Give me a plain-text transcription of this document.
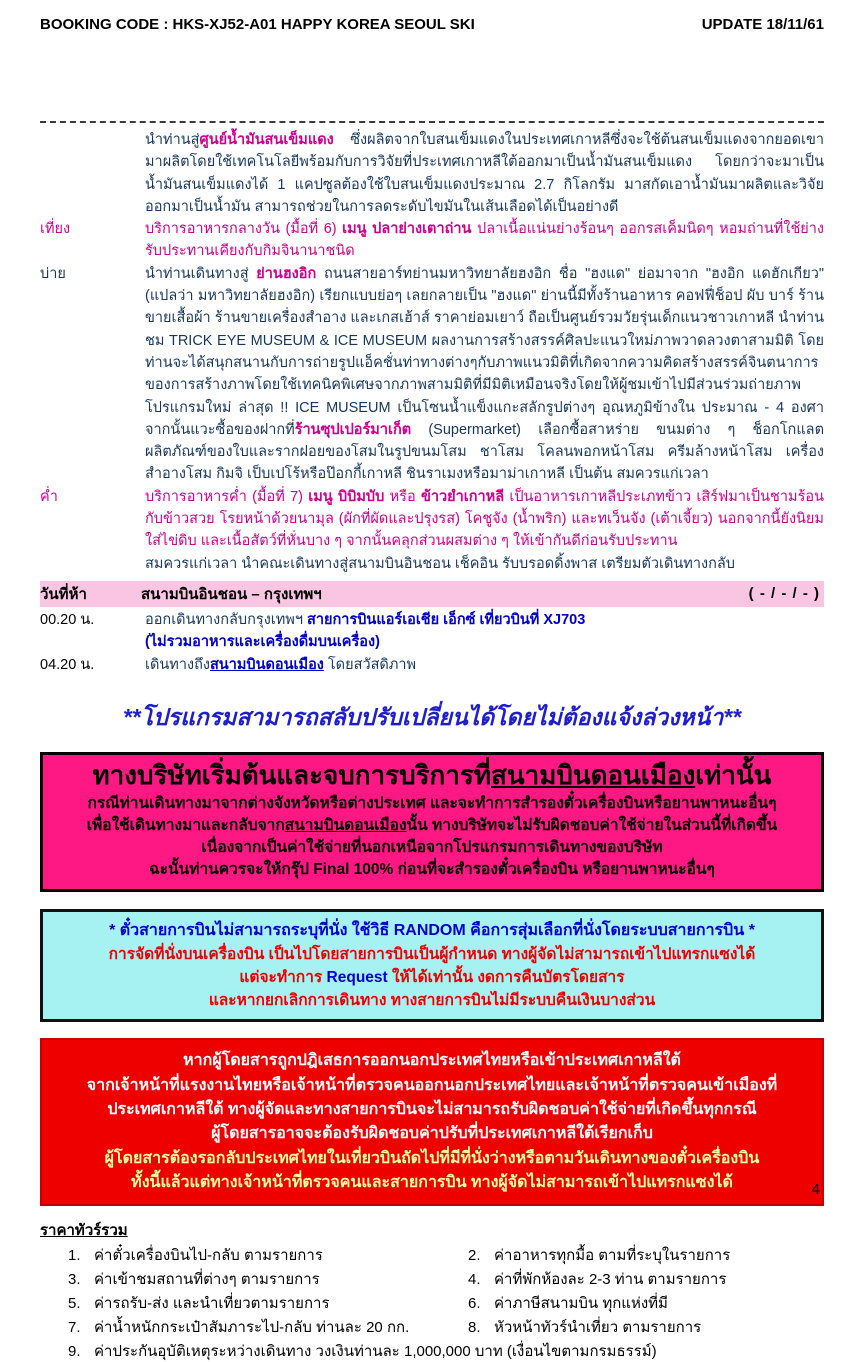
BOOKING CODE : HKS-XJ52-A01 HAPPY KOREA SEOUL SKI	UPDATE 18/11/61
นำท่านสู่ศูนย์น้ำมันสนเข็มแดง ซึ่งผลิตจากใบสนเข็มแดงในประเทศเกาหลีซึ่งจะใช้ต้นสนเข็มแดงจากยอดเขามาผลิตโดยใช้เทคโนโลยีพร้อมกับการวิจัยที่ประเทศเกาหลีใต้ออกมาเป็นน้ำมันสนเข็มแดง โดยกว่าจะมาเป็นน้ำมันสนเข็มแดงได้ 1 แคปซูลต้องใช้ใบสนเข็มแดงประมาณ 2.7 กิโลกรัม มาสกัดเอาน้ำมันมาผลิตและวิจัยออกมาเป็นน้ำมัน สามารถช่วยในการลดระดับไขมันในเส้นเลือดได้เป็นอย่างดี
เที่ยง	บริการอาหารกลางวัน (มื้อที่ 6) เมนู ปลาย่างเตาถ่าน ปลาเนื้อแน่นย่างร้อนๆ ออกรสเค็มนิดๆ หอมถ่านที่ใช้ย่างรับประทานเคียงกับกิมจินานาชนิด
บ่าย	นำท่านเดินทางสู่ ย่านฮงอิก ถนนสายอาร์ทย่านมหาวิทยาลัยฮงอิก ชื่อ "ฮงแด" ย่อมาจาก "ฮงอิก แดฮักเกียว" (แปลว่า มหาวิทยาลัยฮงอิก) เรียกแบบย่อๆ เลยกลายเป็น "ฮงแด" ย่านนี้มีทั้งร้านอาหาร คอฟฟี่ช็อป ผับ บาร์ ร้านขายเสื้อผ้า ร้านขายเครื่องสำอาง และเกสเฮ้าส์ ราคาย่อมเยาว์ ถือเป็นศูนย์รวมวัยรุ่นเด็กแนวชาวเกาหลี นำท่านชม TRICK EYE MUSEUM & ICE MUSEUM ผลงานการสร้างสรรค์ศิลปะแนวใหม่ภาพวาดลวงตาสามมิติ โดยท่านจะได้สนุกสนานกับการถ่ายรูปแอ็คชั่นท่าทางต่างๆกับภาพแนวมิติที่เกิดจากความคิดสร้างสรรค์จินตนาการของการสร้างภาพโดยใช้เทคนิคพิเศษจากภาพสามมิติที่มีมิติเหมือนจริงโดยให้ผู้ชมเข้าไปมีส่วนร่วมถ่ายภาพโปรแกรมใหม่ ล่าสุด !! ICE MUSEUM เป็นโซนน้ำแข็งแกะสลักรูปต่างๆ อุณหภูมิข้างใน ประมาณ - 4 องศา จากนั้นแวะซื้อของฝากที่ร้านซุปเปอร์มาเก็ต (Supermarket) เลือกซื้อสาหร่าย ขนมต่าง ๆ ช็อกโกแลต ผลิตภัณฑ์ของใบและรากฝอยของโสมในรูปขนมโสม ชาโสม โคลนพอกหน้าโสม ครีมล้างหน้าโสม เครื่องสำอางโสม กิมจิ เป็บเปโร้หรือป๊อกกี้เกาหลี ชินราเมงหรือมาม่าเกาหลี เป็นต้น สมควรแก่เวลา
ค่ำ	บริการอาหารค่ำ (มื้อที่ 7) เมนู บิบิมบับ หรือ ข้าวยำเกาหลี เป็นอาหารเกาหลีประเภทข้าว เสิร์ฟมาเป็นชามร้อนกับข้าวสวย โรยหน้าด้วยนามุล (ผักที่ผัดและปรุงรส) โคชูจัง (น้ำพริก) และทเว็นจัง (เต้าเจี้ยว) นอกจากนี้ยังนิยมใส่ไข่ดิบ และเนื้อสัตว์ที่หั่นบาง ๆ จากนั้นคลุกส่วนผสมต่าง ๆ ให้เข้ากันดีก่อนรับประทาน
สมควรแก่เวลา นำคณะเดินทางสู่สนามบินอินชอน เช็คอิน รับบรอดดิ้งพาส เตรียมตัวเดินทางกลับ
วันที่ห้า	สนามบินอินชอน – กรุงเทพฯ	( - / - / - )
00.20 น.	ออกเดินทางกลับกรุงเทพฯ สายการบินแอร์เอเชีย เอ็กซ์ เที่ยวบินที่ XJ703
(ไม่รวมอาหารและเครื่องดื่มบนเครื่อง)
04.20 น.	เดินทางถึงสนามบินดอนเมือง โดยสวัสดิภาพ
**โปรแกรมสามารถสลับปรับเปลี่ยนได้โดยไม่ต้องแจ้งล่วงหน้า**
ทางบริษัทเริ่มต้นและจบการบริการที่สนามบินดอนเมืองเท่านั้น
กรณีท่านเดินทางมาจากต่างจังหวัดหรือต่างประเทศ และจะทำการสำรองตั๋วเครื่องบินหรือยานพาหนะอื่นๆ
เพื่อใช้เดินทางมาและกลับจากสนามบินดอนเมืองนั้น ทางบริษัทจะไม่รับผิดชอบค่าใช้จ่ายในส่วนนี้ที่เกิดขึ้น
เนื่องจากเป็นค่าใช้จ่ายที่นอกเหนือจากโปรแกรมการเดินทางของบริษัท
ฉะนั้นท่านควรจะให้กรุ๊ป Final 100% ก่อนที่จะสำรองตั๋วเครื่องบิน หรือยานพาหนะอื่นๆ
* ตั๋วสายการบินไม่สามารถระบุที่นั่ง ใช้วิธี RANDOM คือการสุ่มเลือกที่นั่งโดยระบบสายการบิน *
การจัดที่นั่งบนเครื่องบิน เป็นไปโดยสายการบินเป็นผู้กำหนด ทางผู้จัดไม่สามารถเข้าไปแทรกแซงได้
แต่จะทำการ Request ให้ได้เท่านั้น งดการคืนบัตรโดยสาร
และหากยกเลิกการเดินทาง ทางสายการบินไม่มีระบบคืนเงินบางส่วน
หากผู้โดยสารถูกปฎิเสธการออกนอกประเทศไทยหรือเข้าประเทศเกาหลีใต้
จากเจ้าหน้าที่แรงงานไทยหรือเจ้าหน้าที่ตรวจคนออกนอกประเทศไทยและเจ้าหน้าที่ตรวจคนเข้าเมืองที่
ประเทศเกาหลีใต้ ทางผู้จัดและทางสายการบินจะไม่สามารถรับผิดชอบค่าใช้จ่ายที่เกิดขึ้นทุกกรณี
ผู้โดยสารอาจจะต้องรับผิดชอบค่าปรับที่ประเทศเกาหลีใต้เรียกเก็บ
ผู้โดยสารต้องรอกลับประเทศไทยในเที่ยวบินถัดไปที่มีที่นั่งว่างหรือตามวันเดินทางของตั๋วเครื่องบิน
ทั้งนี้แล้วแต่ทางเจ้าหน้าที่ตรวจคนและสายการบิน ทางผู้จัดไม่สามารถเข้าไปแทรกแซงได้
ราคาทัวร์รวม
1. ค่าตั๋วเครื่องบินไป-กลับ ตามรายการ	2. ค่าอาหารทุกมื้อ ตามที่ระบุในรายการ
3. ค่าเข้าชมสถานที่ต่างๆ ตามรายการ	4. ค่าที่พักห้องละ 2-3 ท่าน ตามรายการ
5. ค่ารถรับ-ส่ง และนำเที่ยวตามรายการ	6. ค่าภาษีสนามบิน ทุกแห่งที่มี
7. ค่าน้ำหนักกระเป๋าสัมภาระไป-กลับ ท่านละ 20 กก.	8. หัวหน้าทัวร์นำเที่ยว ตามรายการ
9. ค่าประกันอุบัติเหตุระหว่างเดินทาง วงเงินท่านละ 1,000,000 บาท (เงื่อนไขตามกรมธรรม์)
4
